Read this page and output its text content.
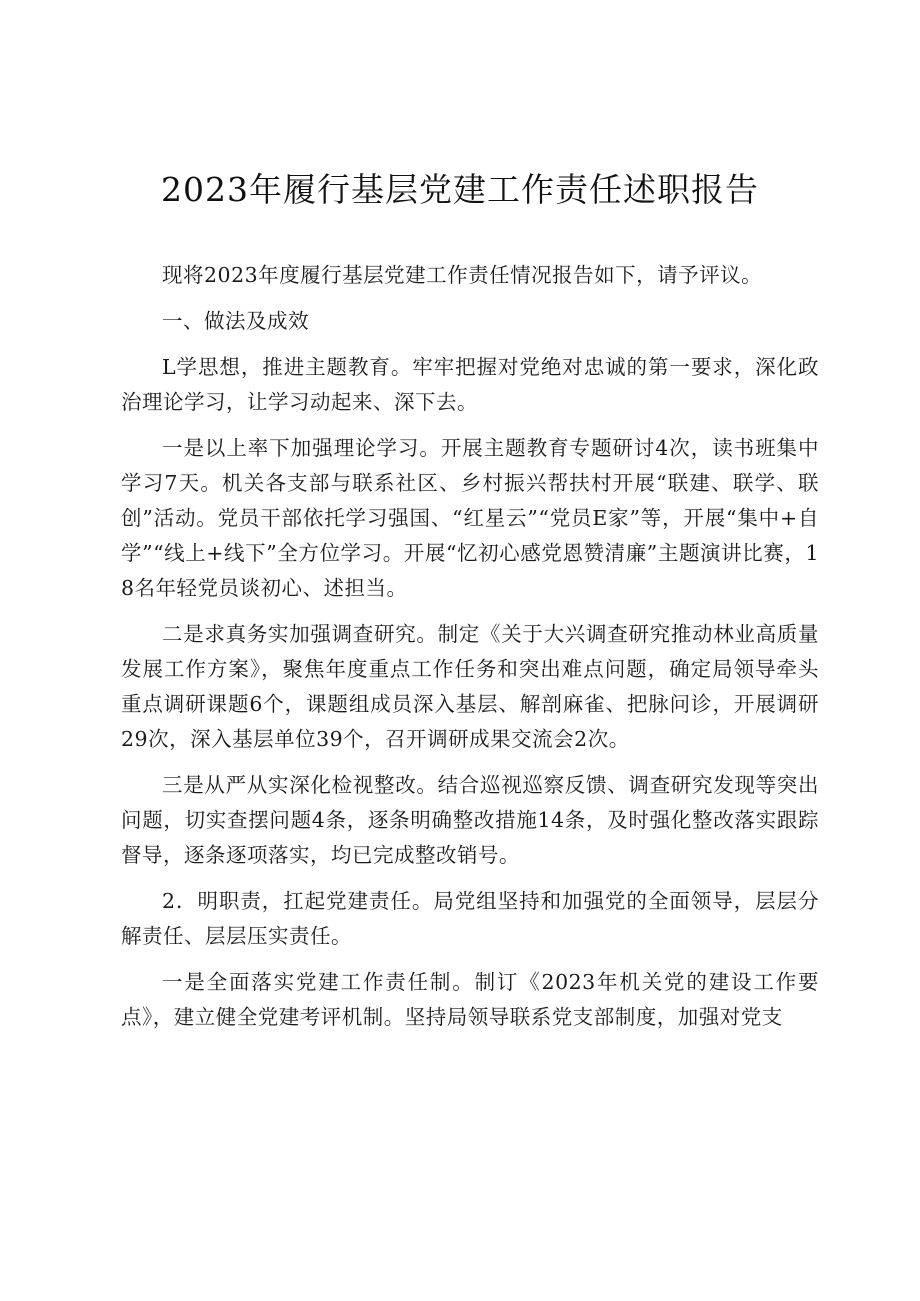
2023年履行基层党建工作责任述职报告

现将2023年度履行基层党建工作责任情况报告如下，请予评议。

一、做法及成效

L学思想，推进主题教育。牢牢把握对党绝对忠诚的第一要求，深化政治理论学习，让学习动起来、深下去。

一是以上率下加强理论学习。开展主题教育专题研讨4次，读书班集中学习7天。机关各支部与联系社区、乡村振兴帮扶村开展“联建、联学、联创”活动。党员干部依托学习强国、“红星云”“党员E家”等，开展“集中+自学”“线上+线下”全方位学习。开展“忆初心感党恩赞清廉”主题演讲比赛，18名年轻党员谈初心、述担当。

二是求真务实加强调查研究。制定《关于大兴调查研究推动林业高质量发展工作方案》，聚焦年度重点工作任务和突出难点问题，确定局领导牵头重点调研课题6个，课题组成员深入基层、解剖麻雀、把脉问诊，开展调研29次，深入基层单位39个，召开调研成果交流会2次。

三是从严从实深化检视整改。结合巡视巡察反馈、调查研究发现等突出问题，切实查摆问题4条，逐条明确整改措施14条，及时强化整改落实跟踪督导，逐条逐项落实，均已完成整改销号。

2．明职责，扛起党建责任。局党组坚持和加强党的全面领导，层层分解责任、层层压实责任。

一是全面落实党建工作责任制。制订《2023年机关党的建设工作要点》，建立健全党建考评机制。坚持局领导联系党支部制度，加强对党支
